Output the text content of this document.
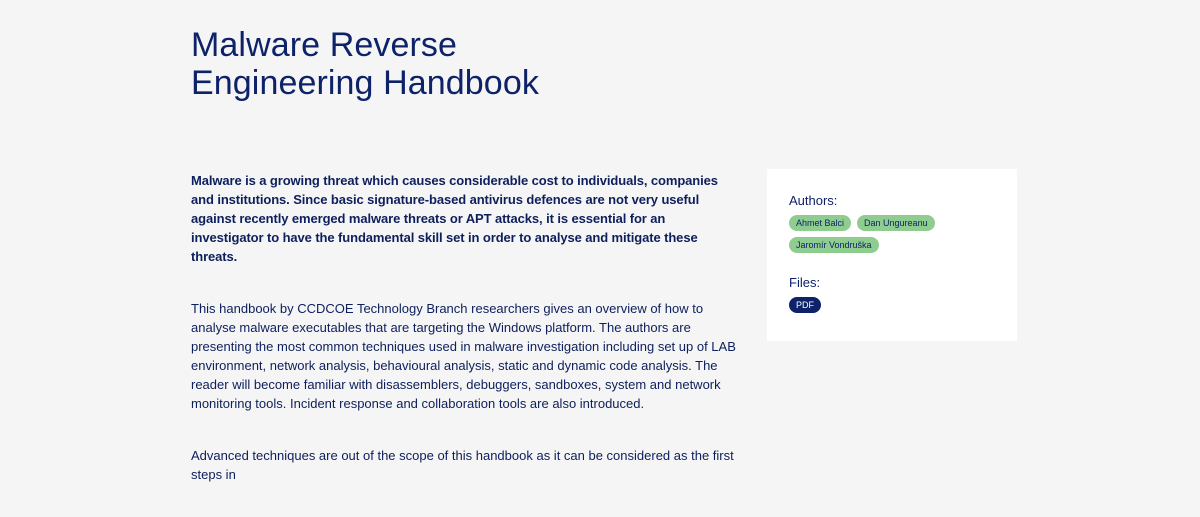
Malware Reverse
Engineering Handbook

Malware is a growing threat which causes considerable cost to individuals, companies and institutions. Since basic signature-based antivirus defences are not very useful against recently emerged malware threats or APT attacks, it is essential for an investigator to have the fundamental skill set in order to analyse and mitigate these threats.

This handbook by CCDCOE Technology Branch researchers gives an overview of how to analyse malware executables that are targeting the Windows platform. The authors are presenting the most common techniques used in malware investigation including set up of LAB environment, network analysis, behavioural analysis, static and dynamic code analysis. The reader will become familiar with disassemblers, debuggers, sandboxes, system and network monitoring tools. Incident response and collaboration tools are also introduced.

Advanced techniques are out of the scope of this handbook as it can be considered as the first steps in

Authors:
Ahmet Balci	Dan Ungureanu
Jaromír Vondruška
Files:
PDF
